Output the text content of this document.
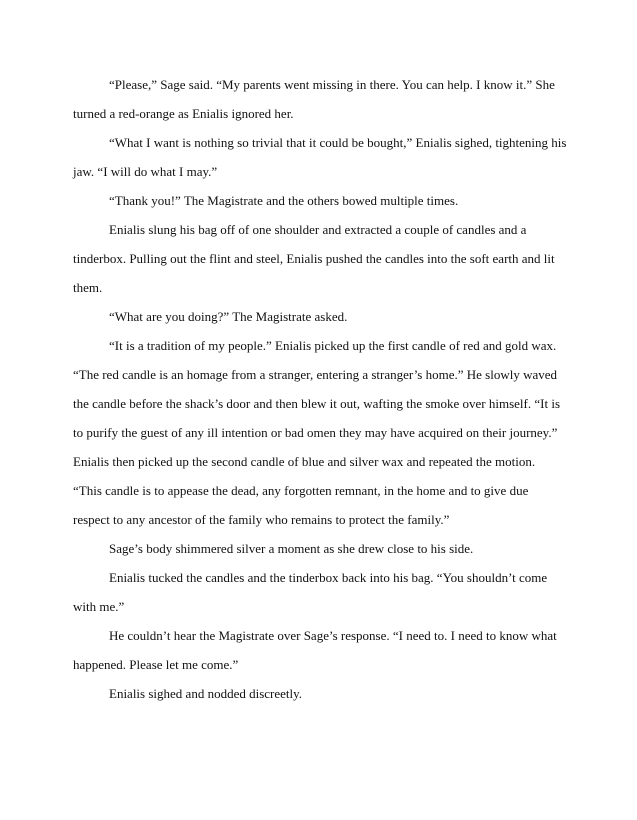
“Please,” Sage said. “My parents went missing in there. You can help. I know it.” She turned a red-orange as Enialis ignored her.

“What I want is nothing so trivial that it could be bought,” Enialis sighed, tightening his jaw. “I will do what I may.”

“Thank you!” The Magistrate and the others bowed multiple times.

Enialis slung his bag off of one shoulder and extracted a couple of candles and a tinderbox. Pulling out the flint and steel, Enialis pushed the candles into the soft earth and lit them.

“What are you doing?” The Magistrate asked.

“It is a tradition of my people.” Enialis picked up the first candle of red and gold wax. “The red candle is an homage from a stranger, entering a stranger’s home.” He slowly waved the candle before the shack’s door and then blew it out, wafting the smoke over himself. “It is to purify the guest of any ill intention or bad omen they may have acquired on their journey.” Enialis then picked up the second candle of blue and silver wax and repeated the motion. “This candle is to appease the dead, any forgotten remnant, in the home and to give due respect to any ancestor of the family who remains to protect the family.”

Sage’s body shimmered silver a moment as she drew close to his side.

Enialis tucked the candles and the tinderbox back into his bag. “You shouldn’t come with me.”

He couldn’t hear the Magistrate over Sage’s response. “I need to. I need to know what happened. Please let me come.”

Enialis sighed and nodded discreetly.
